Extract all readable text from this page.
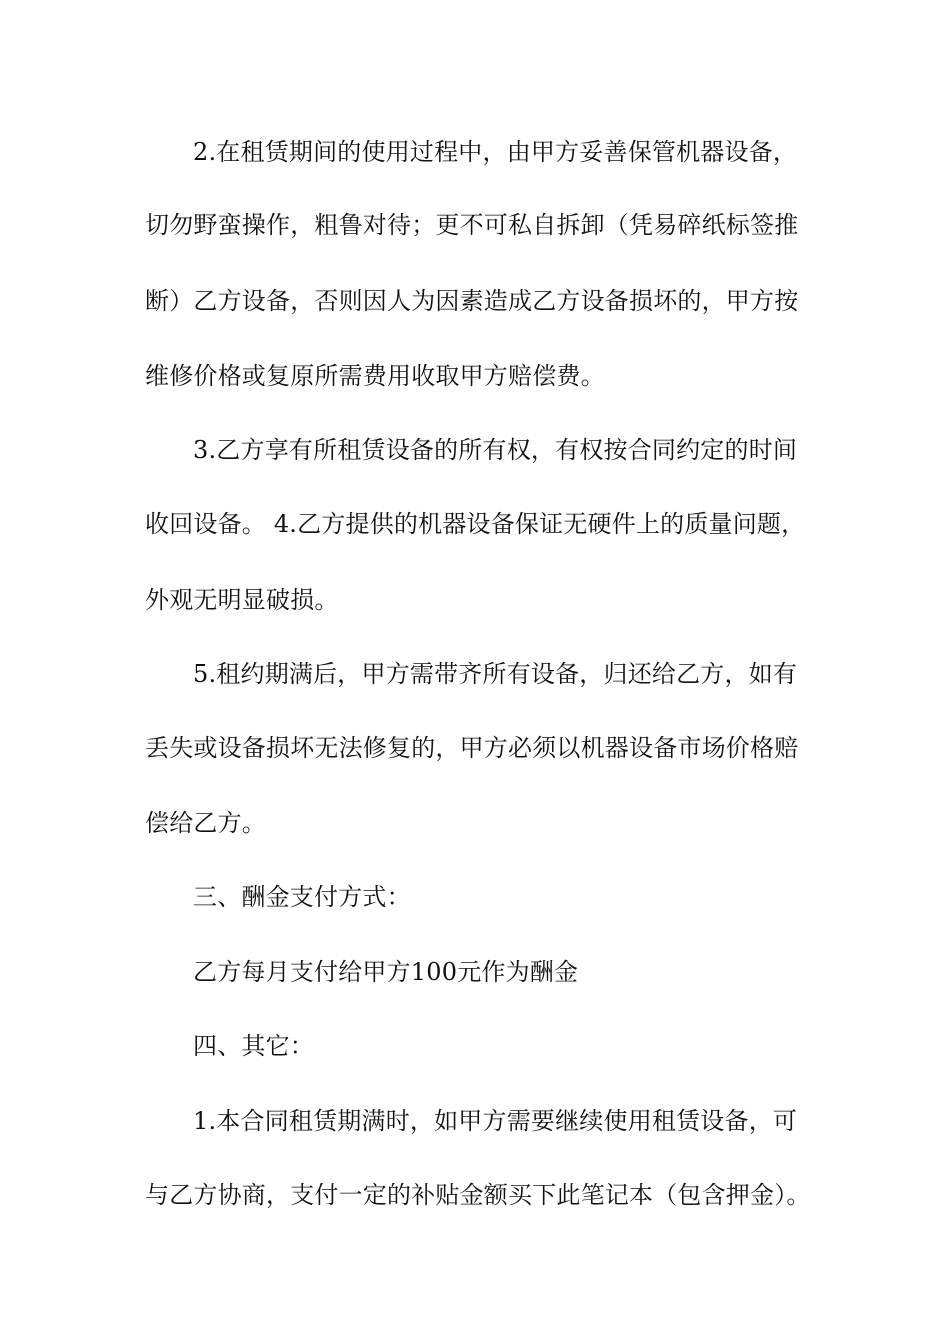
2.在租赁期间的使用过程中，由甲方妥善保管机器设备，
切勿野蛮操作，粗鲁对待；更不可私自拆卸（凭易碎纸标签推
断）乙方设备，否则因人为因素造成乙方设备损坏的，甲方按
维修价格或复原所需费用收取甲方赔偿费。
3.乙方享有所租赁设备的所有权，有权按合同约定的时间
收回设备。 4.乙方提供的机器设备保证无硬件上的质量问题，
外观无明显破损。
5.租约期满后，甲方需带齐所有设备，归还给乙方，如有
丢失或设备损坏无法修复的，甲方必须以机器设备市场价格赔
偿给乙方。
三、酬金支付方式：
乙方每月支付给甲方100元作为酬金
四、其它：
1.本合同租赁期满时，如甲方需要继续使用租赁设备，可
与乙方协商，支付一定的补贴金额买下此笔记本（包含押金）。
